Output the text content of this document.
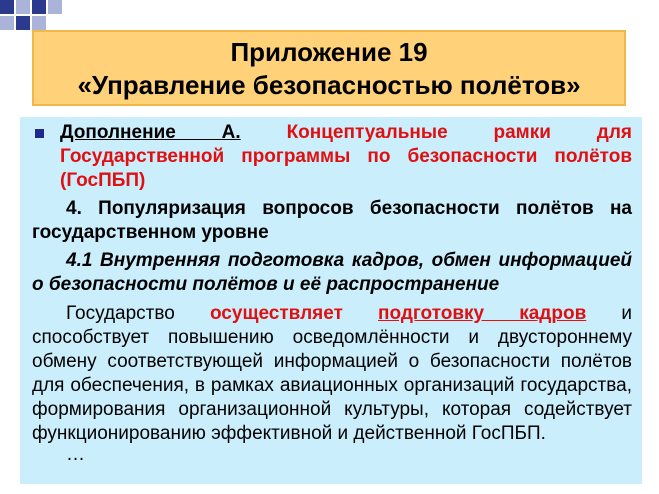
Приложение 19
«Управление безопасностью полётов»

Дополнение А. Концептуальные рамки для Государственной программы по безопасности полётов (ГосПБП)

4. Популяризация вопросов безопасности полётов на государственном уровне

4.1 Внутренняя подготовка кадров, обмен информацией о безопасности полётов и её распространение

Государство осуществляет подготовку кадров и способствует повышению осведомлённости и двустороннему обмену соответствующей информацией о безопасности полётов для обеспечения, в рамках авиационных организаций государства, формирования организационной культуры, которая содействует функционированию эффективной и действенной ГосПБП.

…
